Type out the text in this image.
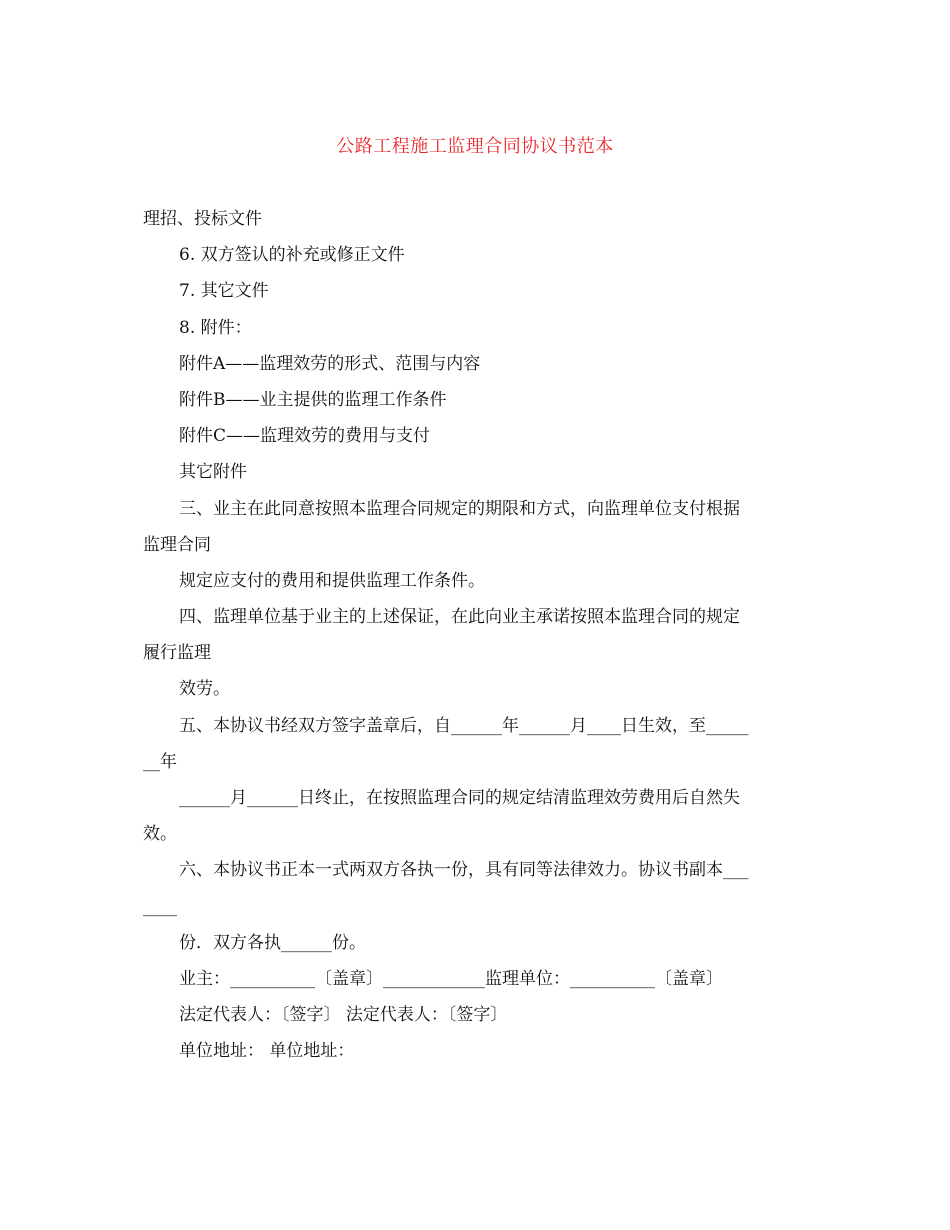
公路工程施工监理合同协议书范本
理招、投标文件
6. 双方签认的补充或修正文件
7. 其它文件
8. 附件：
附件A——监理效劳的形式、范围与内容
附件B——业主提供的监理工作条件
附件C——监理效劳的费用与支付
其它附件
三、业主在此同意按照本监理合同规定的期限和方式，向监理单位支付根据
监理合同
规定应支付的费用和提供监理工作条件。
四、监理单位基于业主的上述保证，在此向业主承诺按照本监理合同的规定
履行监理
效劳。
五、本协议书经双方签字盖章后，自______年______月____日生效，至_____
__年
______月______日终止，在按照监理合同的规定结清监理效劳费用后自然失
效。
六、本协议书正本一式两双方各执一份，具有同等法律效力。协议书副本___
____
份．双方各执______份。
业主：__________〔盖章〕____________监理单位：__________〔盖章〕
法定代表人：〔签字〕 法定代表人：〔签字〕
单位地址： 单位地址：
